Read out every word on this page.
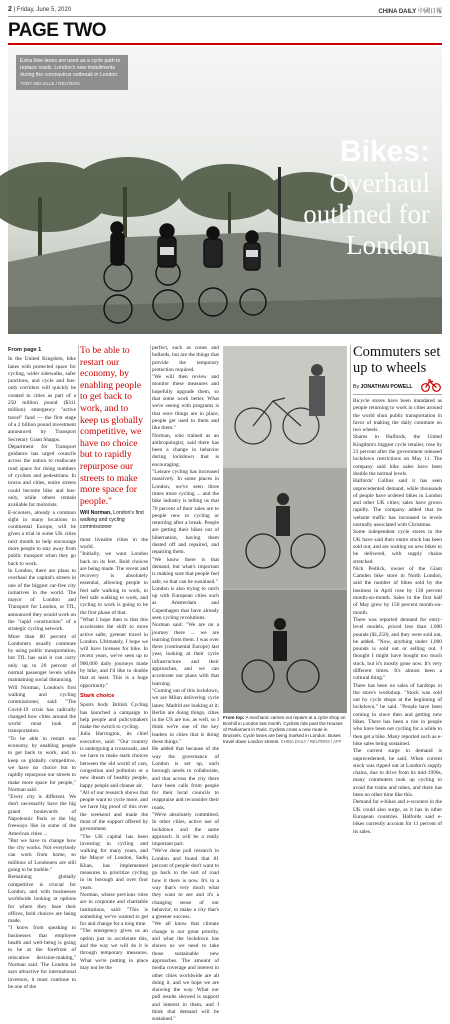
2 | Friday, June 5, 2020	CHINA DAILY 中國日報
PAGE TWO
Extra bike lanes are used as a cycle path to replace roads. London's new installments during the coronavirus outbreak in London.
TOBY MELVILLE / REUTERS
Bikes:
Overhaul
outlined for
London
From page 1

In the United Kingdom, bike lanes with protected space for cycling, wider sidewalks, safer junctions, and cycle and bus-only corridors will quickly be created in cities as part of a 250 million pound ($311 million) emergency "active travel" fund — the first stage of a 2 billion pound investment announced by Transport Secretary Grant Shapps.

Department for Transport guidance has urged councils across the nation to reallocate road space for rising numbers of cyclists and pedestrians. In towns and cities, entire streets could become bike and bus-only, while others remain available for motorists.

E-scooters, already a common sight in many locations in continental Europe, will be given a trial in some UK cities next month to help encourage more people to stay away from public transport when they go back to work.

In London, there are plans to overhaul the capital's streets in one of the biggest car-free city initiatives in the world. The mayor of London and Transport for London, or TfL, announced they would work on the "rapid construction" of a strategic cycling network.

More than 80 percent of Londoners usually commute by using public transportation, but TfL has said it can carry only up to 20 percent of normal passenger levels while maintaining social distancing.

Will Norman, London's first walking and cycling commissioner, said: "The Covid-19 crisis has radically changed how cities around the world must look at transportation.

"To be able to restart our economy, by enabling people to get back to work, and to keep us globally competitive, we have no choice but to rapidly repurpose our streets to make more space for people," Norman said.

"Every city is different. We don't necessarily have the big grand boulevards of Napoleonic Paris or the big freeways like in some of the American cities ...

"But we have to change how the city works. Not everybody can work from home, so millions of Londoners are still going to be mobile."

Remaining globally competitive is crucial for London, and with businesses worldwide looking at options for where they base their offices, bold choices are being made.

"I know from speaking to businesses that employee health and well-being is going to be at the forefront of relocation decision-making," Norman said. The London he says attractive for international investors, it must continue to be one of the

To be able to restart our economy, by enabling people to get back to work, and to keep us globally competitive, we have no choice but to rapidly repurpose our streets to make more space for people."
Will Norman, London's first walking and cycling commissioner

most liveable cities in the world.

"Initially, we want London back on its feet. Bold choices are being made. The recent and recovery is absolutely essential, allowing people to feel safe walking to work, to feel safe walking to work, and cycling to work is going to be the first phase of that.

"What I hope then is that this accelerates the shift to more active safer, greener travel in London. Ultimately, I hope we will have licenses for bike. In recent years, we've seen up to 900,000 daily journeys made by bike, and I'd like to double that at least. This is a huge opportunity."

Stark choice

Sports body British Cycling has launched a campaign to help people and policymakers make the switch to cycling.

Julia Harrington, its chief executive, said: "Our country is undergoing a crossroads, and we have to make stark choices between the old world of cars, congestion and pollution or a new dream of healthy people, happy people and cleaner air.

"All of our research shows that people want to cycle more, and we have big proof of this over the weekend and made the most of the support offered by government.

"The UK capital has been investing in cycling and walking for many years, and the Mayor of London, Sadiq Khan, has implemented measures to prioritize cycling in its borough and over four years.

Norman, whose previous roles are in corporate and charitable institutions, said: "This is something we've wanted to get for and change for a long time.

"The emergency gives us an option just to accelerate this, and the way we will do it is through temporary measures. What we're putting in place may not be the

perfect, such as cones and bollards, but are the things that provide the temporary protection required.

"We will then review and monitor these measures and hopefully upgrade them, so that some work better. What we're seeing with programs is that once things are in place, people get used to them and like them."

Norman, who trained as an anthropologist, said there has been a change in behavior during lockdown that is encouraging.

"Leisure cycling has increased massively. In some places in London, we've seen three times more cycling ... and the bike industry is telling us that 70 percent of their sales are to people new to cycling or returning after a break. People are getting their bikes out of hibernation, having them dusted off and repaired, and repairing them.

"We know there is that demand, but what's important is making sure that people feel safe, so that can be sustained."

London is also trying to catch up with European cities such as Amsterdam and Copenhagen that have already seen cycling revolutions.

Norman said: "We are on a journey there ... we are learning from them. I was over there (continental Europe) last year, looking at their cycle infrastructure and their approaches, and we can accelerate our plans with that learning.

"Coming out of this lockdown, we are Milan delivering cycle lanes; Madrid are looking at it; Berlin are doing things, cities in the US are too, as well, so I think we're one of the key leaders in cities that is doing these things."

He added that because of the way the governance of London is set up, each borough needs to collaborate, and that across the city there have been calls from people for their local councils to reappraise and reconsider their roads.

"We're absolutely committed. In other cities, active use of lockdown and the same approach. It will be a really important part.

"We've done poll research in London and found that 81 percent of people don't want to go back to the sort of road how it there is now. It's in a way that's very much what they want to see and it's a changing sense of our behavior, to make a city that's a greener success.

"We all know that climate change is our great priority, and what the lockdown has shown us we need to take those sustainable new approaches. The amount of media coverage and interest in other cities worldwide are all doing it, and we hope we are showing the way. What our poll results showed is support and interest in them, and I think that demand will be sustained."

From top: A mechanic carries out repairs at a cycle shop on Bonhill in London last month. Cyclists ride past the Houses of Parliament in Paris. Cyclists cross a new route in Brussels. Cycle lanes are being marked in London. Buses travel down London streets. CHINA DAILY / REUTERS / AFP
Commuters set up to wheels
By JONATHAN POWELL

Bicycle stores have been inundated as people returning to work in cities around the world shun public transportation in favor of making the daily commute on two wheels.

Shares in Halfords, the United Kingdom's biggest cycle retailer, rose by 23 percent after the government released lockdown restrictions on May 11. The company said bike sales have been double the normal levels.

Halfords' Collins said it has seen unprecedented demand, while thousands of people have ordered bikes in London and other UK cities; sales have grown rapidly. The company added that its website traffic has increased to levels normally associated with Christmas.

Some independent cycle stores in the UK have said their entire stock has been sold out, and are waiting on new bikes to be delivered, with supply chains stretched.

Nick Pedlick, owner of the Giant Camden bike store in North London, said the number of bikes sold by the business in April rose by 130 percent month-on-month. Sales in the first half of May grew by 150 percent month-on-month.

There was reported demand for entry-level models, priced less than 1,000 pounds ($1,250), and they were sold out, he added. "Now, anything under 1,000 pounds is sold out or selling out. I thought I might have bought too much stock, but it's mostly gone now. It's very different times. It's almost been a cultural thing."

There has been no sales of hardtops in the store's workshop. "Stock was sold out by cycle shops at the beginning of lockdown," he said. "People have been coming in since then and getting new bikes. There has been a rise in people who have been not cycling for a while to then get a bike. Many reported such as e-bike sales being sustained.

The current surge in demand is unprecedented, he said. When current stock was ripped out at London's supply chains, due to drive from its mid-1990s, many commuters took up cycling to avoid the trains and tubes, and there has been no other time like this.

Demand for e-bikes and e-scooters in the UK could also surge, as it has in other European countries. Halfords said e-bikes currently account for 11 percent of its sales.
